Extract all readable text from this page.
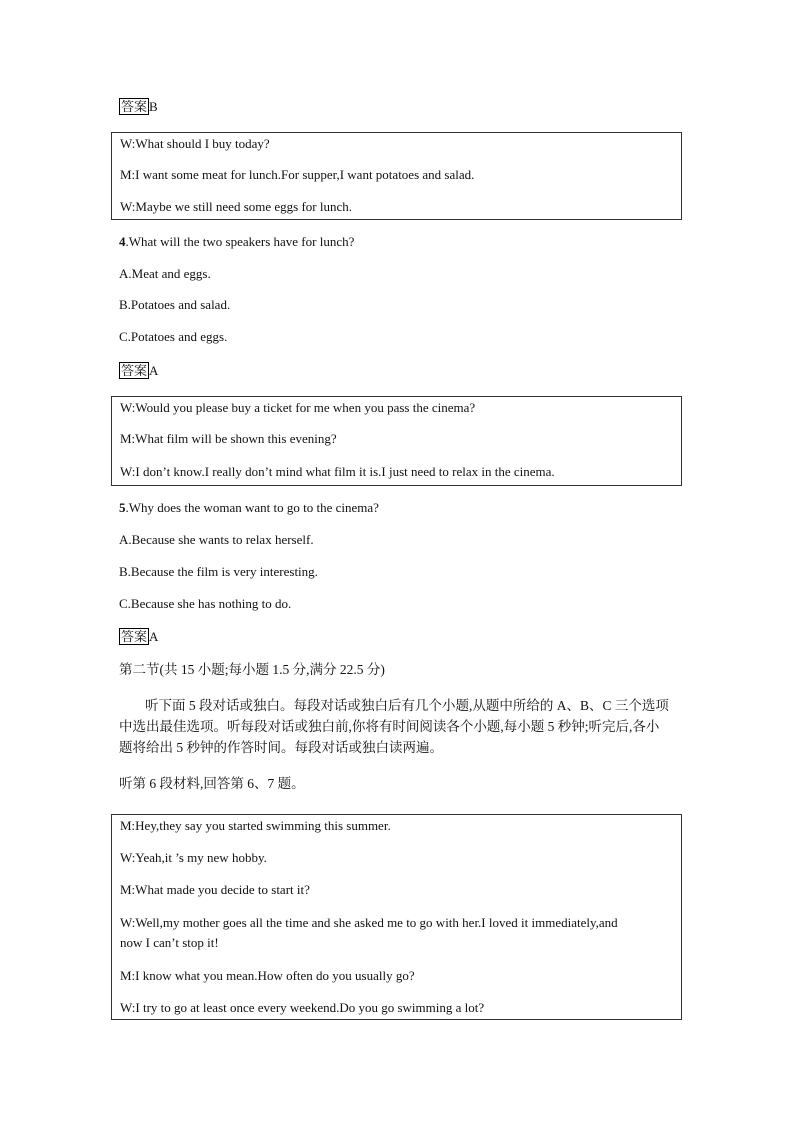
答案 B
W:What should I buy today?
M:I want some meat for lunch.For supper,I want potatoes and salad.
W:Maybe we still need some eggs for lunch.
4.What will the two speakers have for lunch?
A.Meat and eggs.
B.Potatoes and salad.
C.Potatoes and eggs.
答案 A
W:Would you please buy a ticket for me when you pass the cinema?
M:What film will be shown this evening?
W:I don’t know.I really don’t mind what film it is.I just need to relax in the cinema.
5.Why does the woman want to go to the cinema?
A.Because she wants to relax herself.
B.Because the film is very interesting.
C.Because she has nothing to do.
答案 A
第二节(共 15 小题;每小题 1.5 分,满分 22.5 分)
听下面 5 段对话或独白。每段对话或独白后有几个小题,从题中所给的 A、B、C 三个选项中选出最佳选项。听每段对话或独白前,你将有时间阅读各个小题,每小题 5 秒钟;听完后,各小题将给出 5 秒钟的作答时间。每段对话或独白读两遍。
听第 6 段材料,回答第 6、7 题。
M:Hey,they say you started swimming this summer.
W:Yeah,it ’s my new hobby.
M:What made you decide to start it?
W:Well,my mother goes all the time and she asked me to go with her.I loved it immediately,and
now I can’t stop it!
M:I know what you mean.How often do you usually go?
W:I try to go at least once every weekend.Do you go swimming a lot?
